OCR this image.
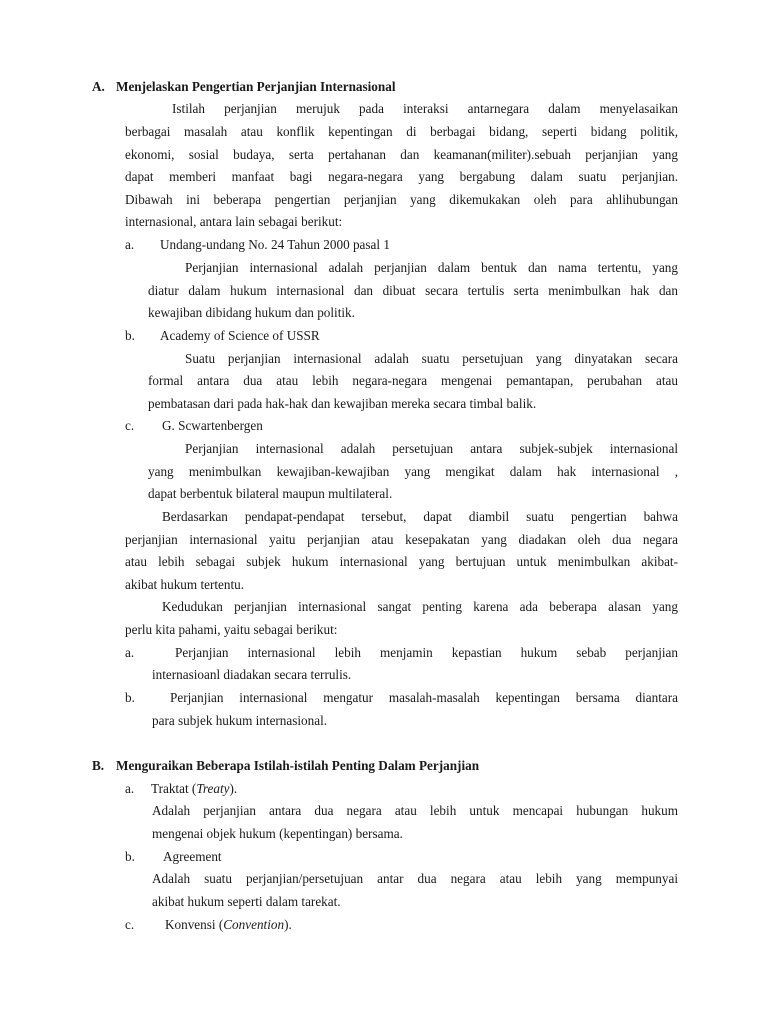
A. Menjelaskan Pengertian Perjanjian Internasional
Istilah perjanjian merujuk pada interaksi antarnegara dalam menyelasaikan
berbagai masalah atau konflik kepentingan di berbagai bidang, seperti bidang politik,
ekonomi, sosial budaya, serta pertahanan dan keamanan(militer).sebuah perjanjian yang
dapat memberi manfaat bagi negara-negara yang bergabung dalam suatu perjanjian.
Dibawah ini beberapa pengertian perjanjian yang dikemukakan oleh para ahlihubungan
internasional, antara lain sebagai berikut:
a. Undang-undang No. 24 Tahun 2000 pasal 1
Perjanjian internasional adalah perjanjian dalam bentuk dan nama tertentu, yang
diatur dalam hukum internasional dan dibuat secara tertulis serta menimbulkan hak dan
kewajiban dibidang hukum dan politik.
b. Academy of Science of USSR
Suatu perjanjian internasional adalah suatu persetujuan yang dinyatakan secara
formal antara dua atau lebih negara-negara mengenai pemantapan, perubahan atau
pembatasan dari pada hak-hak dan kewajiban mereka secara timbal balik.
c. G. Scwartenbergen
Perjanjian internasional adalah persetujuan antara subjek-subjek internasional
yang menimbulkan kewajiban-kewajiban yang mengikat dalam hak internasional ,
dapat berbentuk bilateral maupun multilateral.
Berdasarkan pendapat-pendapat tersebut, dapat diambil suatu pengertian bahwa
perjanjian internasional yaitu perjanjian atau kesepakatan yang diadakan oleh dua negara
atau lebih sebagai subjek hukum internasional yang bertujuan untuk menimbulkan akibat-
akibat hukum tertentu.
Kedudukan perjanjian internasional sangat penting karena ada beberapa alasan yang
perlu kita pahami, yaitu sebagai berikut:
a.	Perjanjian internasional lebih menjamin kepastian hukum sebab perjanjian
internasioanl diadakan secara terrulis.
b.	Perjanjian internasional mengatur masalah-masalah kepentingan bersama diantara
para subjek hukum internasional.
B. Menguraikan Beberapa Istilah-istilah Penting Dalam Perjanjian
a. Traktat (Treaty).
Adalah perjanjian antara dua negara atau lebih untuk mencapai hubungan hukum
mengenai objek hukum (kepentingan) bersama.
b. Agreement
Adalah suatu perjanjian/persetujuan antar dua negara atau lebih yang mempunyai
akibat hukum seperti dalam tarekat.
c. Konvensi (Convention).
